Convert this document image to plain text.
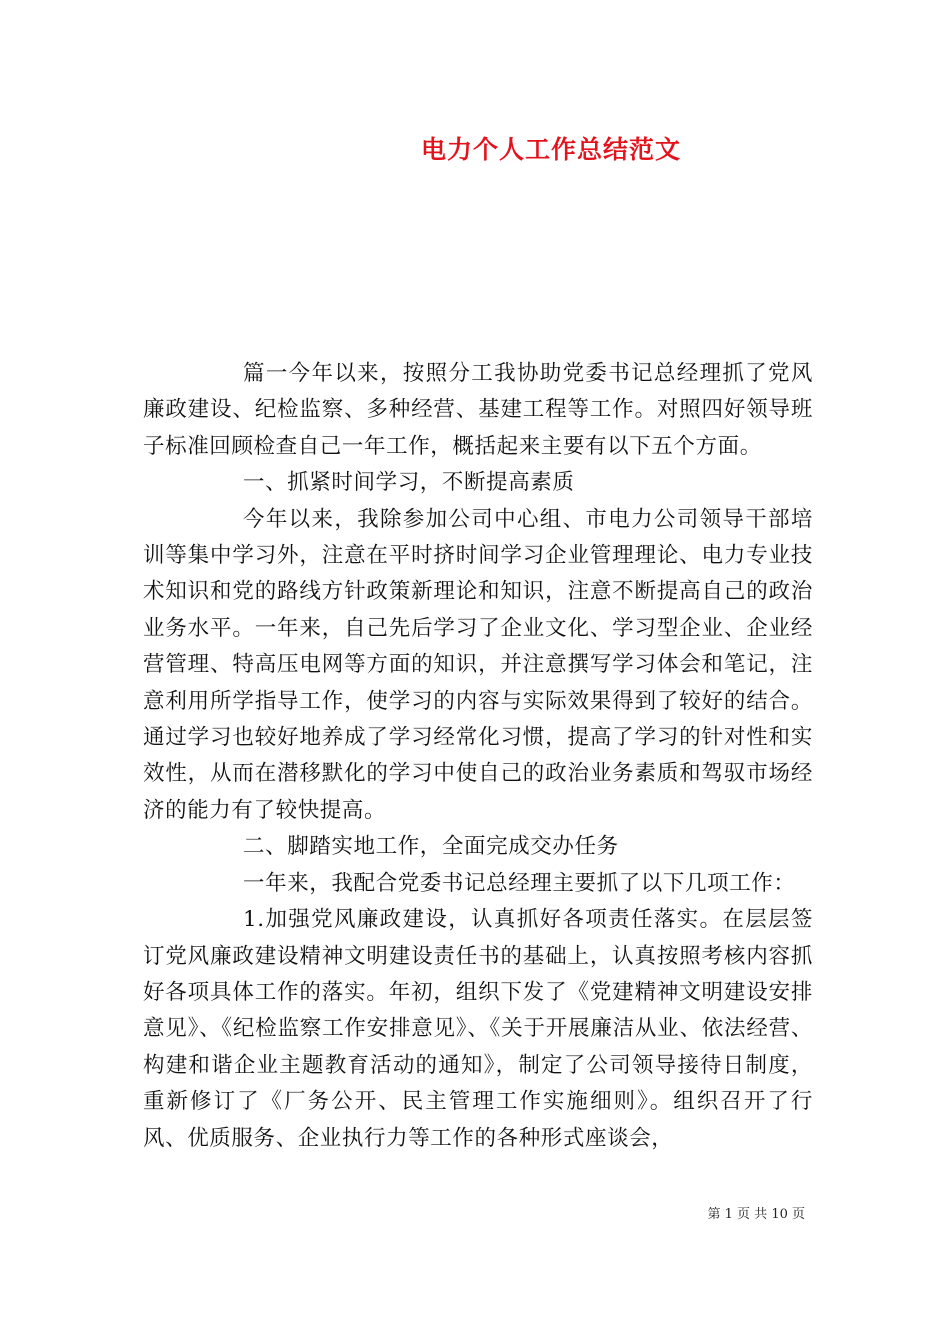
电力个人工作总结范文

篇一今年以来，按照分工我协助党委书记总经理抓了党风廉政建设、纪检监察、多种经营、基建工程等工作。对照四好领导班子标准回顾检查自己一年工作，概括起来主要有以下五个方面。

一、抓紧时间学习，不断提高素质

今年以来，我除参加公司中心组、市电力公司领导干部培训等集中学习外，注意在平时挤时间学习企业管理理论、电力专业技术知识和党的路线方针政策新理论和知识，注意不断提高自己的政治业务水平。一年来，自己先后学习了企业文化、学习型企业、企业经营管理、特高压电网等方面的知识，并注意撰写学习体会和笔记，注意利用所学指导工作，使学习的内容与实际效果得到了较好的结合。通过学习也较好地养成了学习经常化习惯，提高了学习的针对性和实效性，从而在潜移默化的学习中使自己的政治业务素质和驾驭市场经济的能力有了较快提高。

二、脚踏实地工作，全面完成交办任务

一年来，我配合党委书记总经理主要抓了以下几项工作：

1.加强党风廉政建设，认真抓好各项责任落实。在层层签订党风廉政建设精神文明建设责任书的基础上，认真按照考核内容抓好各项具体工作的落实。年初，组织下发了《党建精神文明建设安排意见》、《纪检监察工作安排意见》、《关于开展廉洁从业、依法经营、构建和谐企业主题教育活动的通知》，制定了公司领导接待日制度，重新修订了《厂务公开、民主管理工作实施细则》。组织召开了行风、优质服务、企业执行力等工作的各种形式座谈会，

第 1 页 共 10 页
